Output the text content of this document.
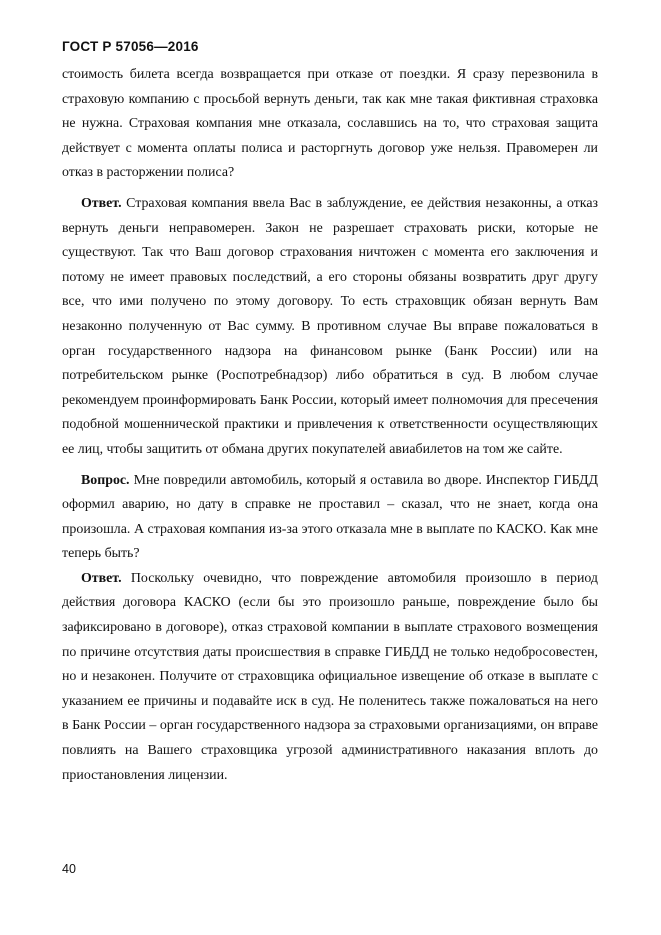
ГОСТ Р 57056—2016

стоимость билета всегда возвращается при отказе от поездки. Я сразу перезвонила в страховую компанию с просьбой вернуть деньги, так как мне такая фиктивная страховка не нужна. Страховая компания мне отказала, сославшись на то, что страховая защита действует с момента оплаты полиса и расторгнуть договор уже нельзя. Правомерен ли отказ в расторжении полиса?

Ответ. Страховая компания ввела Вас в заблуждение, ее действия незаконны, а отказ вернуть деньги неправомерен. Закон не разрешает страховать риски, которые не существуют. Так что Ваш договор страхования ничтожен с момента его заключения и потому не имеет правовых последствий, а его стороны обязаны возвратить друг другу все, что ими получено по этому договору. То есть страховщик обязан вернуть Вам незаконно полученную от Вас сумму. В противном случае Вы вправе пожаловаться в орган государственного надзора на финансовом рынке (Банк России) или на потребительском рынке (Роспотребнадзор) либо обратиться в суд. В любом случае рекомендуем проинформировать Банк России, который имеет полномочия для пресечения подобной мошеннической практики и привлечения к ответственности осуществляющих ее лиц, чтобы защитить от обмана других покупателей авиабилетов на том же сайте.

Вопрос. Мне повредили автомобиль, который я оставила во дворе. Инспектор ГИБДД оформил аварию, но дату в справке не проставил – сказал, что не знает, когда она произошла. А страховая компания из-за этого отказала мне в выплате по КАСКО. Как мне теперь быть?

Ответ. Поскольку очевидно, что повреждение автомобиля произошло в период действия договора КАСКО (если бы это произошло раньше, повреждение было бы зафиксировано в договоре), отказ страховой компании в выплате страхового возмещения по причине отсутствия даты происшествия в справке ГИБДД не только недобросовестен, но и незаконен. Получите от страховщика официальное извещение об отказе в выплате с указанием ее причины и подавайте иск в суд. Не поленитесь также пожаловаться на него в Банк России – орган государственного надзора за страховыми организациями, он вправе повлиять на Вашего страховщика угрозой административного наказания вплоть до приостановления лицензии.

40
